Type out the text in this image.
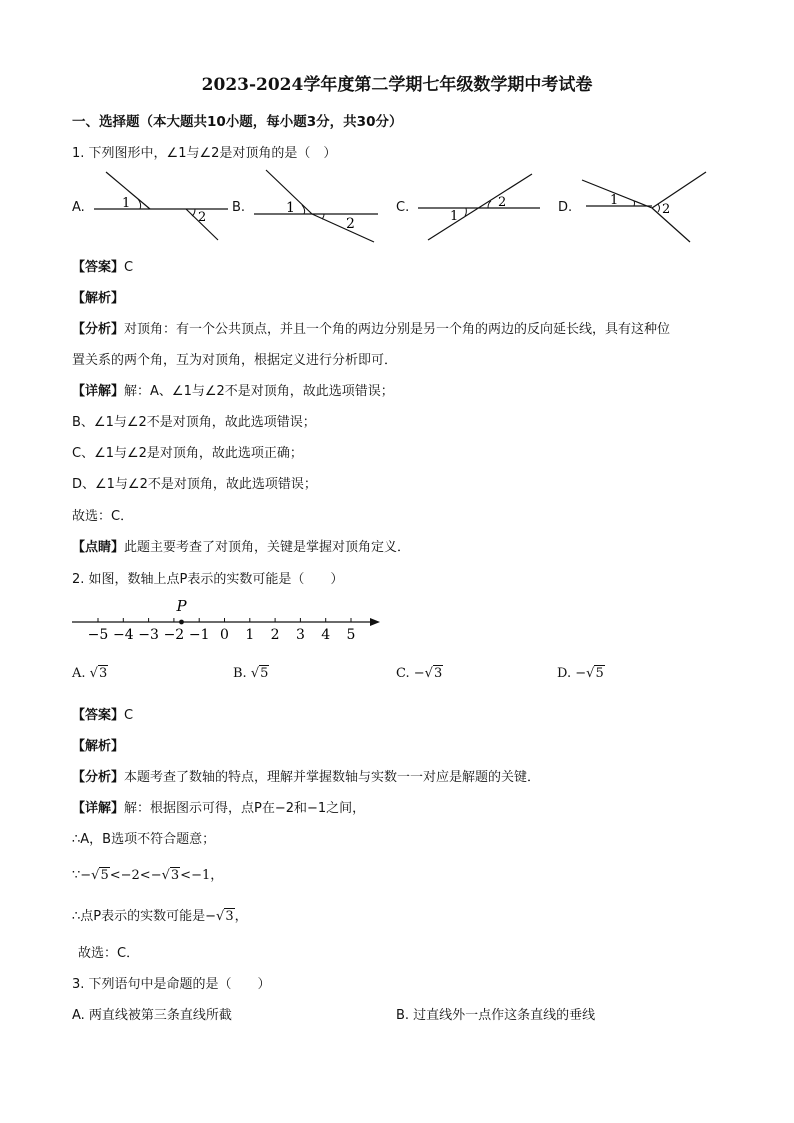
2023-2024学年度第二学期七年级数学期中考试卷
一、选择题（本大题共10小题，每小题3分，共30分）
1. 下列图形中，∠1与∠2是对顶角的是（　）
A.	1
2
B.	1
2
C.
1
2	D.	1
2
【答案】C
【解析】
【分析】对顶角：有一个公共顶点，并且一个角的两边分别是另一个角的两边的反向延长线，具有这种位
置关系的两个角，互为对顶角，根据定义进行分析即可．
【详解】解：A、∠1与∠2不是对顶角，故此选项错误；
B、∠1与∠2不是对顶角，故此选项错误；
C、∠1与∠2是对顶角，故此选项正确；
D、∠1与∠2不是对顶角，故此选项错误；
故选：C．
【点睛】此题主要考查了对顶角，关键是掌握对顶角定义．
2. 如图，数轴上点P表示的实数可能是（　　）
−5 −4 −3 −2 −1 0 1 2 3 4 5
P
A. √3	B. √5	C. −√3	D. −√5
【答案】C
【解析】
【分析】本题考查了数轴的特点，理解并掌握数轴与实数一一对应是解题的关键．
【详解】解：根据图示可得，点P在−2和−1之间，
∴A，B选项不符合题意；
∵−√5<−2<−√3<−1，
∴点P表示的实数可能是−√3，
故选：C．
3. 下列语句中是命题的是（　　）
A. 两直线被第三条直线所截	B. 过直线外一点作这条直线的垂线
